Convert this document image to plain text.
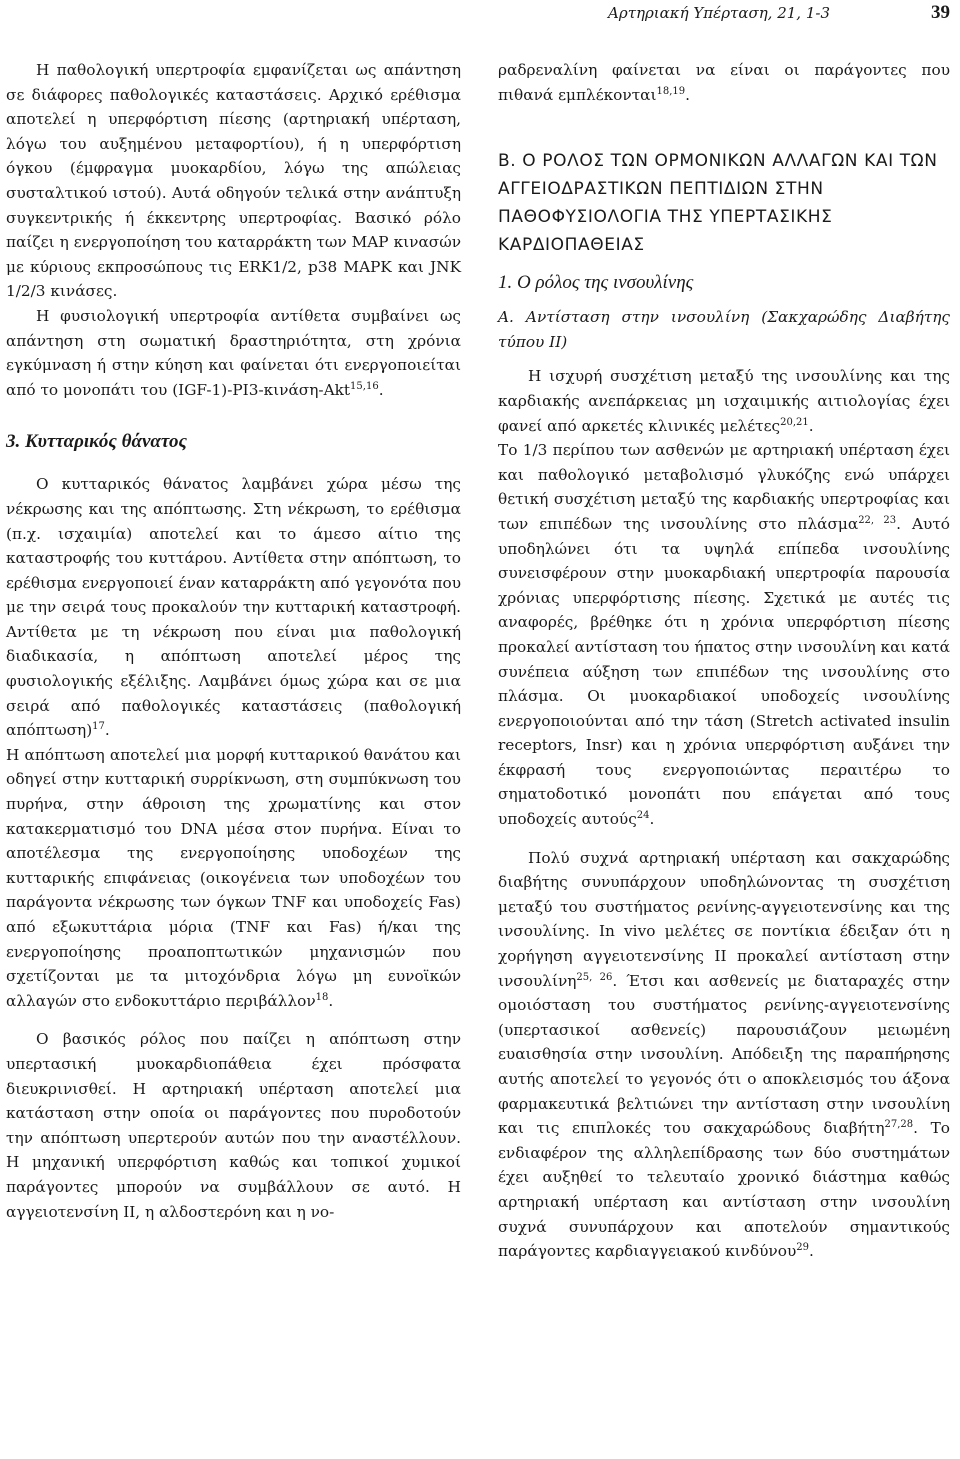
Αρτηριακή Υπέρταση, 21, 1-3	39

Η παθολογική υπερτροφία εμφανίζεται ως απάντηση σε διάφορες παθολογικές καταστάσεις. Αρχικό ερέθισμα αποτελεί η υπερφόρτιση πίεσης (αρτηριακή υπέρταση, λόγω του αυξημένου μεταφορτίου), ή η υπερφόρτιση όγκου (έμφραγμα μυοκαρδίου, λόγω της απώλειας συσταλτικού ιστού). Αυτά οδηγούν τελικά στην ανάπτυξη συγκεντρικής ή έκκεντρης υπερτροφίας. Βασικό ρόλο παίζει η ενεργοποίηση του καταρράκτη των MAP κινασών με κύριους εκπροσώπους τις ERK1/2, p38 MAPK και JNK 1/2/3 κινάσες.

Η φυσιολογική υπερτροφία αντίθετα συμβαίνει ως απάντηση στη σωματική δραστηριότητα, στη χρόνια εγκύμναση ή στην κύηση και φαίνεται ότι ενεργοποιείται από το μονοπάτι του (IGF-1)-PI3-κινάση-Akt$^{15,16}$.

3. Κυτταρικός θάνατος

Ο κυτταρικός θάνατος λαμβάνει χώρα μέσω της νέκρωσης και της απόπτωσης. Στη νέκρωση, το ερέθισμα (π.χ. ισχαιμία) αποτελεί και το άμεσο αίτιο της καταστροφής του κυττάρου. Αντίθετα στην απόπτωση, το ερέθισμα ενεργοποιεί έναν καταρράκτη από γεγονότα που με την σειρά τους προκαλούν την κυτταρική καταστροφή. Αντίθετα με τη νέκρωση που είναι μια παθολογική διαδικασία, η απόπτωση αποτελεί μέρος της φυσιολογικής εξέλιξης. Λαμβάνει όμως χώρα και σε μια σειρά από παθολογικές καταστάσεις (παθολογική απόπτωση)$^{17}$.

Η απόπτωση αποτελεί μια μορφή κυτταρικού θανάτου και οδηγεί στην κυτταρική συρρίκνωση, στη συμπύκνωση του πυρήνα, στην άθροιση της χρωματίνης και στον κατακερματισμό του DNA μέσα στον πυρήνα. Είναι το αποτέλεσμα της ενεργοποίησης υποδοχέων της κυτταρικής επιφάνειας (οικογένεια των υποδοχέων του παράγοντα νέκρωσης των όγκων TNF και υποδοχείς Fas) από εξωκυττάρια μόρια (TNF και Fas) ή/και της ενεργοποίησης προαποπτωτικών μηχανισμών που σχετίζονται με τα μιτοχόνδρια λόγω μη ευνοϊκών αλλαγών στο ενδοκυττάριο περιβάλλον$^{18}$.

Ο βασικός ρόλος που παίζει η απόπτωση στην υπερτασική μυοκαρδιοπάθεια έχει πρόσφατα διευκρινισθεί. Η αρτηριακή υπέρταση αποτελεί μια κατάσταση στην οποία οι παράγοντες που πυροδοτούν την απόπτωση υπερτερούν αυτών που την αναστέλλουν. Η μηχανική υπερφόρτιση καθώς και τοπικοί χυμικοί παράγοντες μπορούν να συμβάλλουν σε αυτό. Η αγγειοτενσίνη ΙΙ, η αλδοστερόνη και η νο-

ραδρεναλίνη φαίνεται να είναι οι παράγοντες που πιθανά εμπλέκονται$^{18,19}$.

Β. Ο ΡΟΛΟΣ ΤΩΝ ΟΡΜΟΝΙΚΩΝ ΑΛΛΑΓΩΝ ΚΑΙ ΤΩΝ ΑΓΓΕΙΟΔΡΑΣΤΙΚΩΝ ΠΕΠΤΙΔΙΩΝ ΣΤΗΝ ΠΑΘΟΦΥΣΙΟΛΟΓΙΑ ΤΗΣ ΥΠΕΡΤΑΣΙΚΗΣ ΚΑΡΔΙΟΠΑΘΕΙΑΣ
1. Ο ρόλος της ινσουλίνης
Α. Αντίσταση στην ινσουλίνη (Σακχαρώδης Διαβήτης τύπου ΙΙ)

Η ισχυρή συσχέτιση μεταξύ της ινσουλίνης και της καρδιακής ανεπάρκειας μη ισχαιμικής αιτιολογίας έχει φανεί από αρκετές κλινικές μελέτες$^{20,21}$.

Το 1/3 περίπου των ασθενών με αρτηριακή υπέρταση έχει και παθολογικό μεταβολισμό γλυκόζης ενώ υπάρχει θετική συσχέτιση μεταξύ της καρδιακής υπερτροφίας και των επιπέδων της ινσουλίνης στο πλάσμα$^{22, 23}$. Αυτό υποδηλώνει ότι τα υψηλά επίπεδα ινσουλίνης συνεισφέρουν στην μυοκαρδιακή υπερτροφία παρουσία χρόνιας υπερφόρτισης πίεσης. Σχετικά με αυτές τις αναφορές, βρέθηκε ότι η χρόνια υπερφόρτιση πίεσης προκαλεί αντίσταση του ήπατος στην ινσουλίνη και κατά συνέπεια αύξηση των επιπέδων της ινσουλίνης στο πλάσμα. Οι μυοκαρδιακοί υποδοχείς ινσουλίνης ενεργοποιούνται από την τάση (Stretch activated insulin receptors, Insr) και η χρόνια υπερφόρτιση αυξάνει την έκφρασή τους ενεργοποιώντας περαιτέρω το σηματοδοτικό μονοπάτι που επάγεται από τους υποδοχείς αυτούς$^{24}$.

Πολύ συχνά αρτηριακή υπέρταση και σακχαρώδης διαβήτης συνυπάρχουν υποδηλώνοντας τη συσχέτιση μεταξύ του συστήματος ρενίνης-αγγειοτενσίνης και της ινσουλίνης. In vivo μελέτες σε ποντίκια έδειξαν ότι η χορήγηση αγγειοτενσίνης ΙΙ προκαλεί αντίσταση στην ινσουλίνη$^{25, 26}$. Έτσι και ασθενείς με διαταραχές στην ομοιόσταση του συστήματος ρενίνης-αγγειοτενσίνης (υπερτασικοί ασθενείς) παρουσιάζουν μειωμένη ευαισθησία στην ινσουλίνη. Απόδειξη της παραπήρησης αυτής αποτελεί το γεγονός ότι ο αποκλεισμός του άξονα φαρμακευτικά βελτιώνει την αντίσταση στην ινσουλίνη και τις επιπλοκές του σακχαρώδους διαβήτη$^{27,28}$. Το ενδιαφέρον της αλληλεπίδρασης των δύο συστημάτων έχει αυξηθεί το τελευταίο χρονικό διάστημα καθώς αρτηριακή υπέρταση και αντίσταση στην ινσουλίνη συχνά συνυπάρχουν και αποτελούν σημαντικούς παράγοντες καρδιαγγειακού κινδύνου$^{29}$.
